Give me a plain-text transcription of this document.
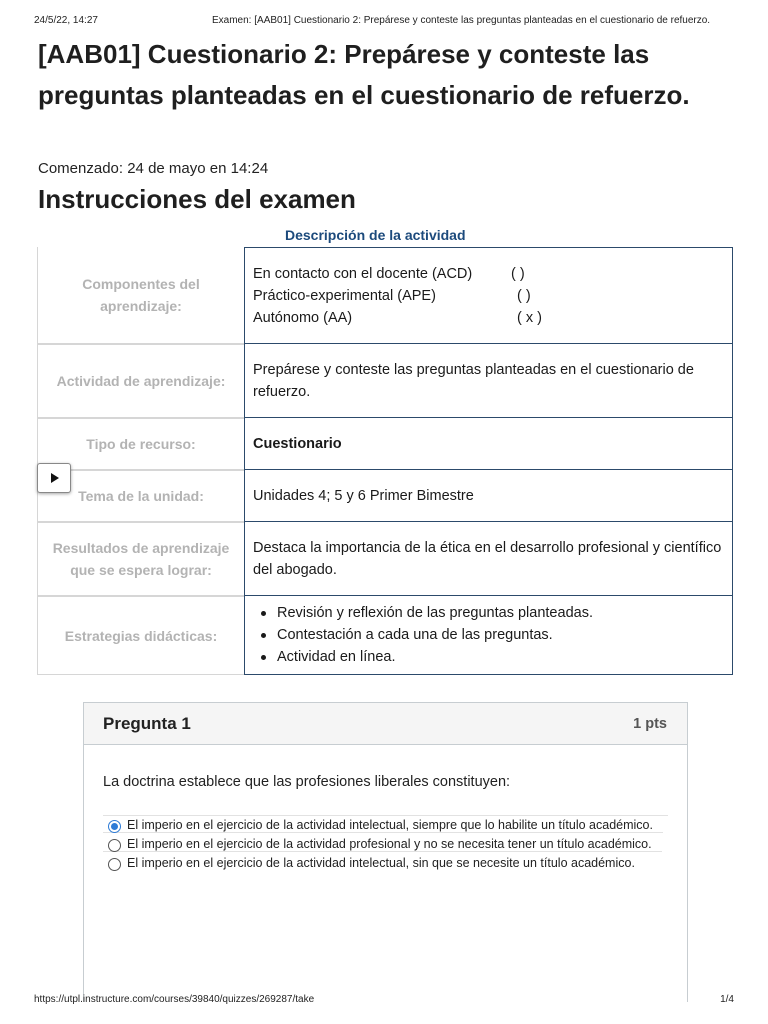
24/5/22, 14:27	Examen: [AAB01] Cuestionario 2: Prepárese y conteste las preguntas planteadas en el cuestionario de refuerzo.
[AAB01] Cuestionario 2: Prepárese y conteste las preguntas planteadas en el cuestionario de refuerzo.
Comenzado: 24 de mayo en 14:24
Instrucciones del examen
Descripción de la actividad
Componentes del aprendizaje:
En contacto con el docente (ACD)	( )
Práctico-experimental (APE)	( )
Autónomo (AA)	( x )
Actividad de aprendizaje:
Prepárese y conteste las preguntas planteadas en el cuestionario de refuerzo.
Tipo de recurso:	Cuestionario
Tema de la unidad:	Unidades 4; 5 y 6 Primer Bimestre
Resultados de aprendizaje que se espera lograr:
Destaca la importancia de la ética en el desarrollo profesional y científico del abogado.
Estrategias didácticas:
Revisión y reflexión de las preguntas planteadas.
Contestación a cada una de las preguntas.
Actividad en línea.
Pregunta 1	1 pts
La doctrina establece que las profesiones liberales constituyen:
El imperio en el ejercicio de la actividad intelectual, siempre que lo habilite un título académico.
El imperio en el ejercicio de la actividad profesional y no se necesita tener un título académico.
El imperio en el ejercicio de la actividad intelectual, sin que se necesite un título académico.
https://utpl.instructure.com/courses/39840/quizzes/269287/take	1/4
